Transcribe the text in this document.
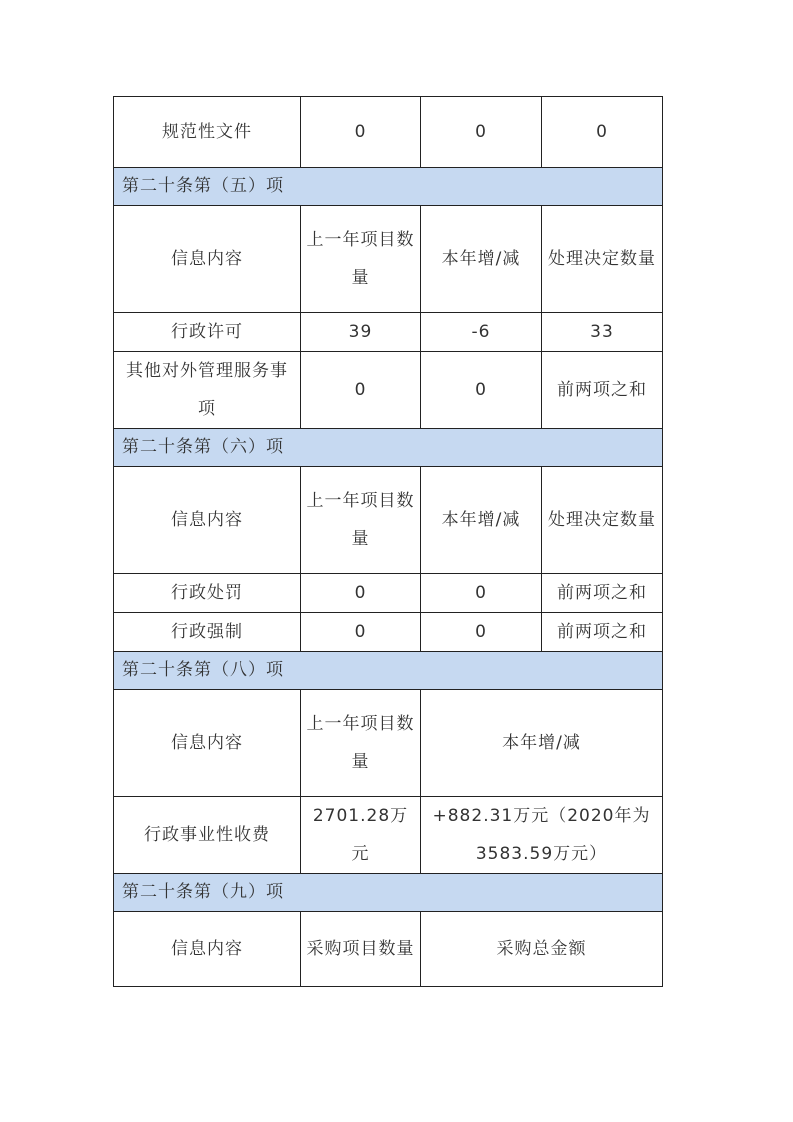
规范性文件	0	0	0
第二十条第（五）项			
信息内容	上一年项目数量	本年增/减	处理决定数量
行政许可	39	-6	33
其他对外管理服务事项	0	0	前两项之和
第二十条第（六）项			
信息内容	上一年项目数量	本年增/减	处理决定数量
行政处罚	0	0	前两项之和
行政强制	0	0	前两项之和
第二十条第（八）项			
信息内容	上一年项目数量	本年增/减	
行政事业性收费	2701.28万元	+882.31万元（2020年为3583.59万元）	
第二十条第（九）项			
信息内容	采购项目数量	采购总金额	
